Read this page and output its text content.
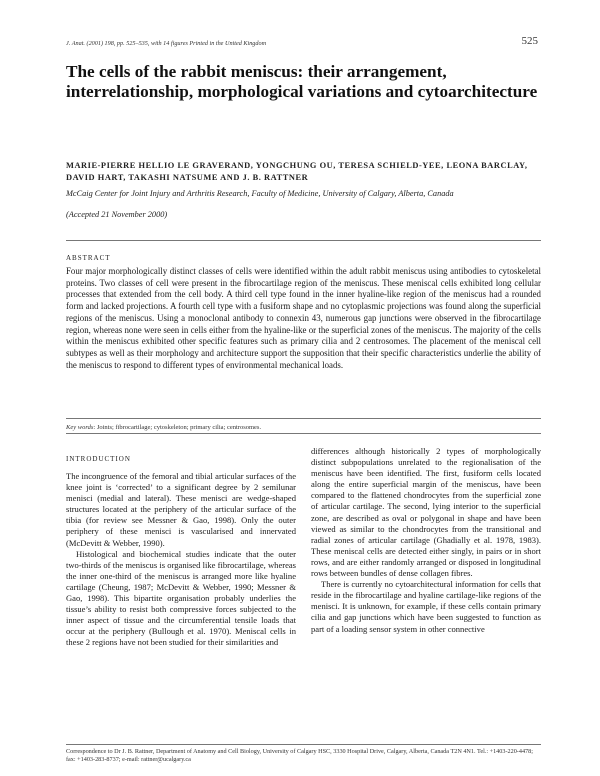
J. Anat. (2001) 198, pp. 525–535, with 14 figures Printed in the United Kingdom	525
The cells of the rabbit meniscus: their arrangement, interrelationship, morphological variations and cytoarchitecture
MARIE-PIERRE HELLIO LE GRAVERAND, YONGCHUNG OU, TERESA SCHIELD-YEE, LEONA BARCLAY, DAVID HART, TAKASHI NATSUME AND J. B. RATTNER
McCaig Center for Joint Injury and Arthritis Research, Faculty of Medicine, University of Calgary, Alberta, Canada
(Accepted 21 November 2000)
ABSTRACT

Four major morphologically distinct classes of cells were identified within the adult rabbit meniscus using antibodies to cytoskeletal proteins. Two classes of cell were present in the fibrocartilage region of the meniscus. These meniscal cells exhibited long cellular processes that extended from the cell body. A third cell type found in the inner hyaline-like region of the meniscus had a rounded form and lacked projections. A fourth cell type with a fusiform shape and no cytoplasmic projections was found along the superficial regions of the meniscus. Using a monoclonal antibody to connexin 43, numerous gap junctions were observed in the fibrocartilage region, whereas none were seen in cells either from the hyaline-like or the superficial zones of the meniscus. The majority of the cells within the meniscus exhibited other specific features such as primary cilia and 2 centrosomes. The placement of the meniscal cell subtypes as well as their morphology and architecture support the supposition that their specific characteristics underlie the ability of the meniscus to respond to different types of environmental mechanical loads.

Key words: Joints; fibrocartilage; cytoskeleton; primary cilia; centrosomes.
INTRODUCTION

The incongruence of the femoral and tibial articular surfaces of the knee joint is ‘corrected’ to a significant degree by 2 semilunar menisci (medial and lateral). These menisci are wedge-shaped structures located at the periphery of the articular surface of the tibia (for review see Messner & Gao, 1998). Only the outer periphery of these menisci is vascularised and innervated (McDevitt & Webber, 1990).

Histological and biochemical studies indicate that the outer two-thirds of the meniscus is organised like fibrocartilage, whereas the inner one-third of the meniscus is arranged more like hyaline cartilage (Cheung, 1987; McDevitt & Webber, 1990; Messner & Gao, 1998). This bipartite organisation probably underlies the tissue’s ability to resist both compressive forces subjected to the inner aspect of tissue and the circumferential tensile loads that occur at the periphery (Bullough et al. 1970). Meniscal cells in these 2 regions have not been studied for their similarities and

differences although historically 2 types of morphologically distinct subpopulations unrelated to the regionalisation of the meniscus have been identified. The first, fusiform cells located along the entire superficial margin of the meniscus, have been compared to the flattened chondrocytes from the superficial zone of articular cartilage. The second, lying interior to the superficial zone, are described as oval or polygonal in shape and have been viewed as similar to the chondrocytes from the transitional and radial zones of articular cartilage (Ghadially et al. 1978, 1983). These meniscal cells are detected either singly, in pairs or in short rows, and are either randomly arranged or disposed in longitudinal rows between bundles of dense collagen fibres.

There is currently no cytoarchitectural information for cells that reside in the fibrocartilage and hyaline cartilage-like regions of the menisci. It is unknown, for example, if these cells contain primary cilia and gap junctions which have been suggested to function as part of a loading sensor system in other connective

Correspondence to Dr J. B. Rattner, Department of Anatomy and Cell Biology, University of Calgary HSC, 3330 Hospital Drive, Calgary, Alberta, Canada T2N 4N1. Tel.: +1403-220-4478; fax: +1403-283-8737; e-mail: rattner@ucalgary.ca
